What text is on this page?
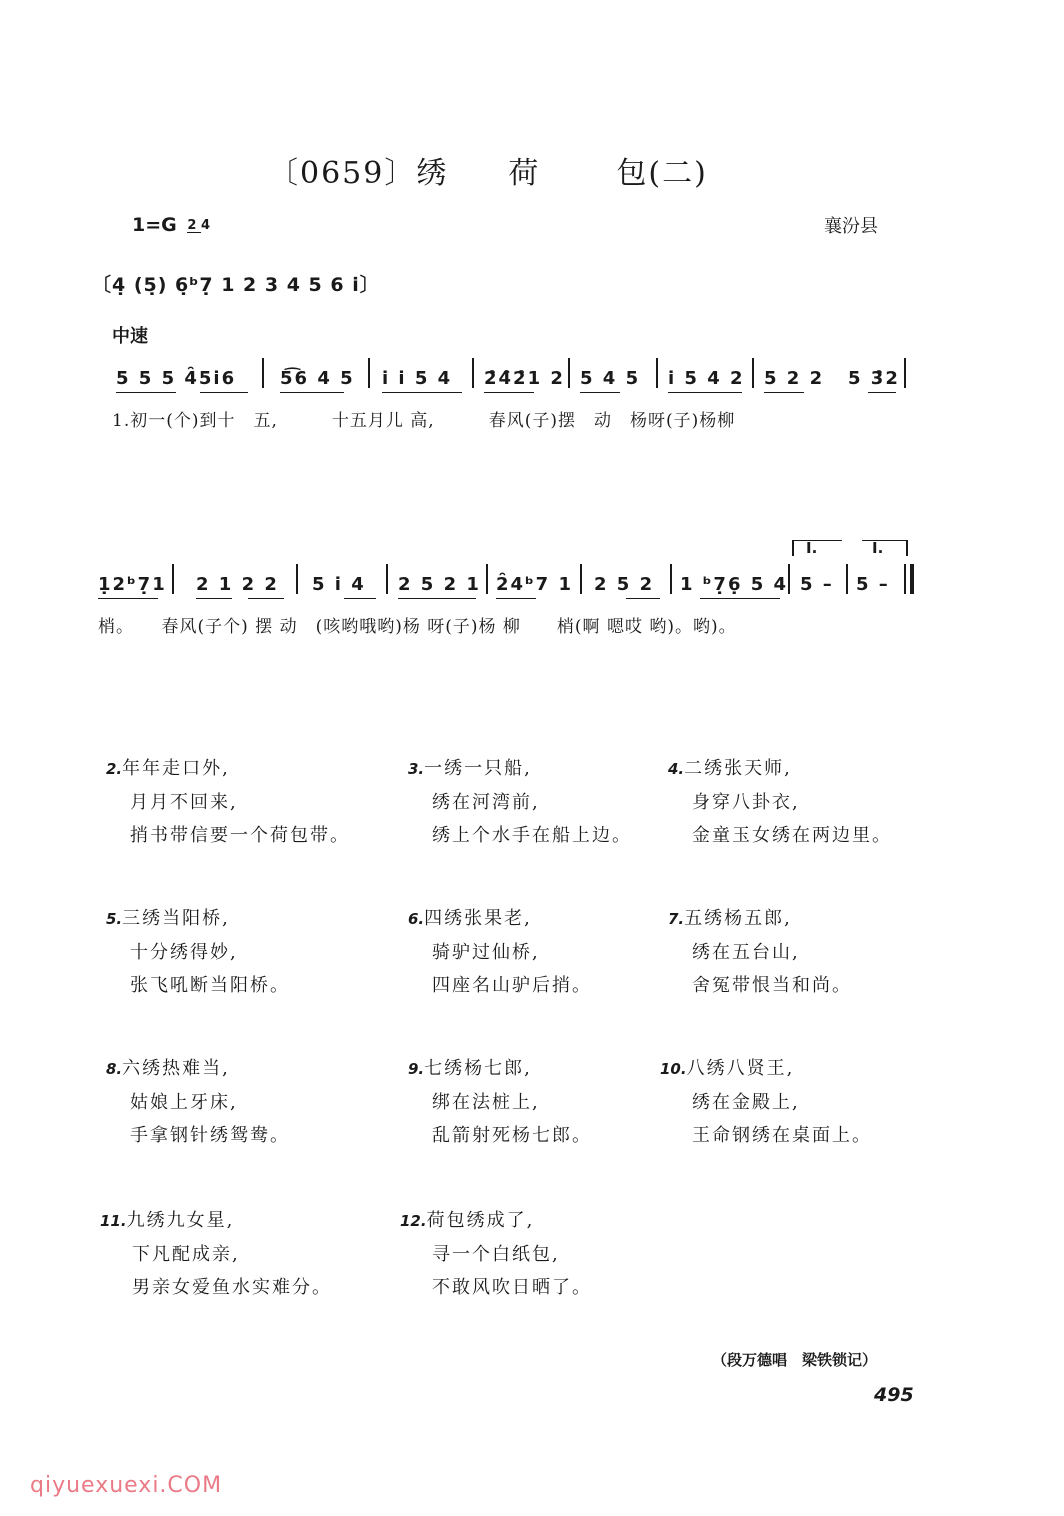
〔0659〕绣 荷	包(二)
1=G 2 4	襄汾县
〔4̣ (5̣) 6̣ᵇ7̣ 1 2 3 4 5 6 i̇〕
中速
5 5 5 4̑5i̇6 5͡6 4 5 i̇ i̇ 5 4 2̑4̑2̑1 2 5 4 5 i̇ 5 4 2 5 2 2 5 3̑2
1.初一(个)到十　五,　　　十五月儿 高,　　　春风(子)摆　动　杨呀(子)杨柳
I.	I.
1̣2ᵇ7̣1 2 1 2 2 5 i̇ 4 2 5 2 1 2̑4ᵇ7 1 2 5 2 1 ᵇ7̣6̣ 5 4 5 – 5 –
梢。　　春风(子个) 摆 动　(咳哟哦哟)杨 呀(子)杨 柳　　梢(啊 嗯哎 哟)。哟)。
2.年年走口外,
月月不回来,
捎书带信要一个荷包带。
3.一绣一只船,
绣在河湾前,
绣上个水手在船上边。
4.二绣张天师,
身穿八卦衣,
金童玉女绣在两边里。
5.三绣当阳桥,
十分绣得妙,
张飞吼断当阳桥。
6.四绣张果老,
骑驴过仙桥,
四座名山驴后捎。
7.五绣杨五郎,
绣在五台山,
舍冤带恨当和尚。
8.六绣热难当,
姑娘上牙床,
手拿钢针绣鸳鸯。
9.七绣杨七郎,
绑在法桩上,
乱箭射死杨七郎。
10.八绣八贤王,
绣在金殿上,
王命钢绣在桌面上。
11.九绣九女星,
下凡配成亲,
男亲女爱鱼水实难分。
12.荷包绣成了,
寻一个白纸包,
不敢风吹日晒了。
（段万德唱　梁铁锁记）
495
qiyuexuexi.COM
